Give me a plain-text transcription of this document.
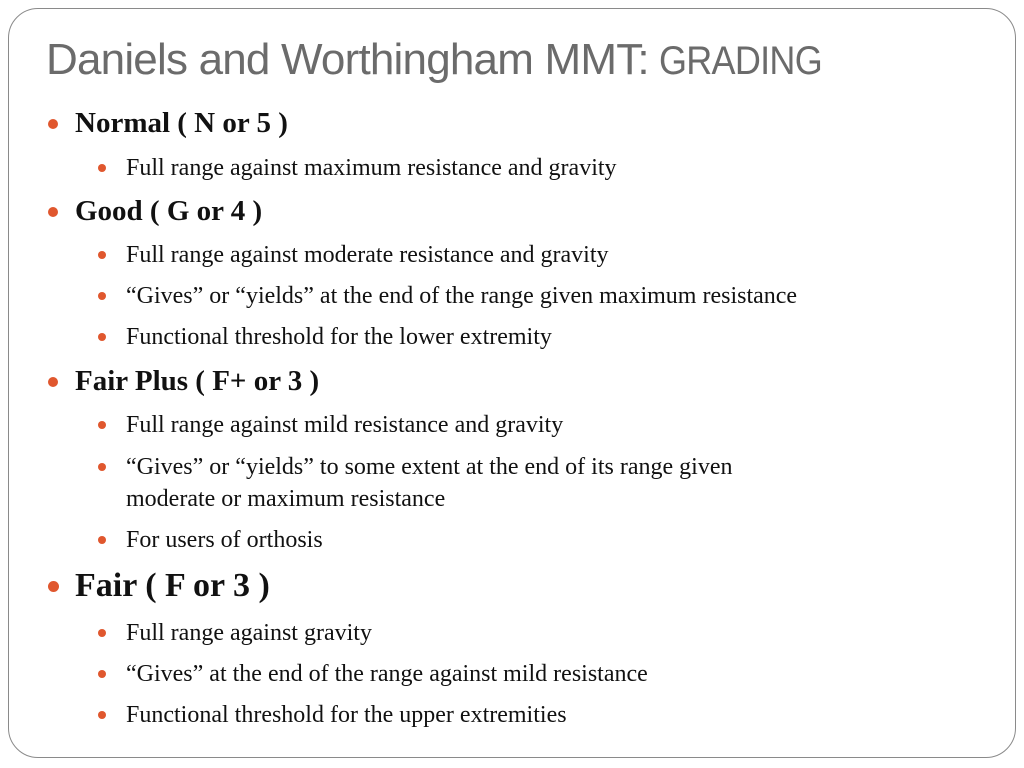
Daniels and Worthingham MMT: GRADING
Normal ( N or 5 )
Full range against maximum resistance and gravity
Good ( G or 4 )
Full range against moderate resistance and gravity
“Gives” or “yields” at the end of the range given maximum resistance
Functional threshold for the lower extremity
Fair Plus ( F+ or 3 )
Full range against mild resistance and gravity
“Gives” or “yields” to some extent at the end of its range given
moderate or maximum resistance
For users of orthosis
Fair ( F or 3 )
Full range against gravity
“Gives” at the end of the range against mild resistance
Functional threshold for the upper extremities
